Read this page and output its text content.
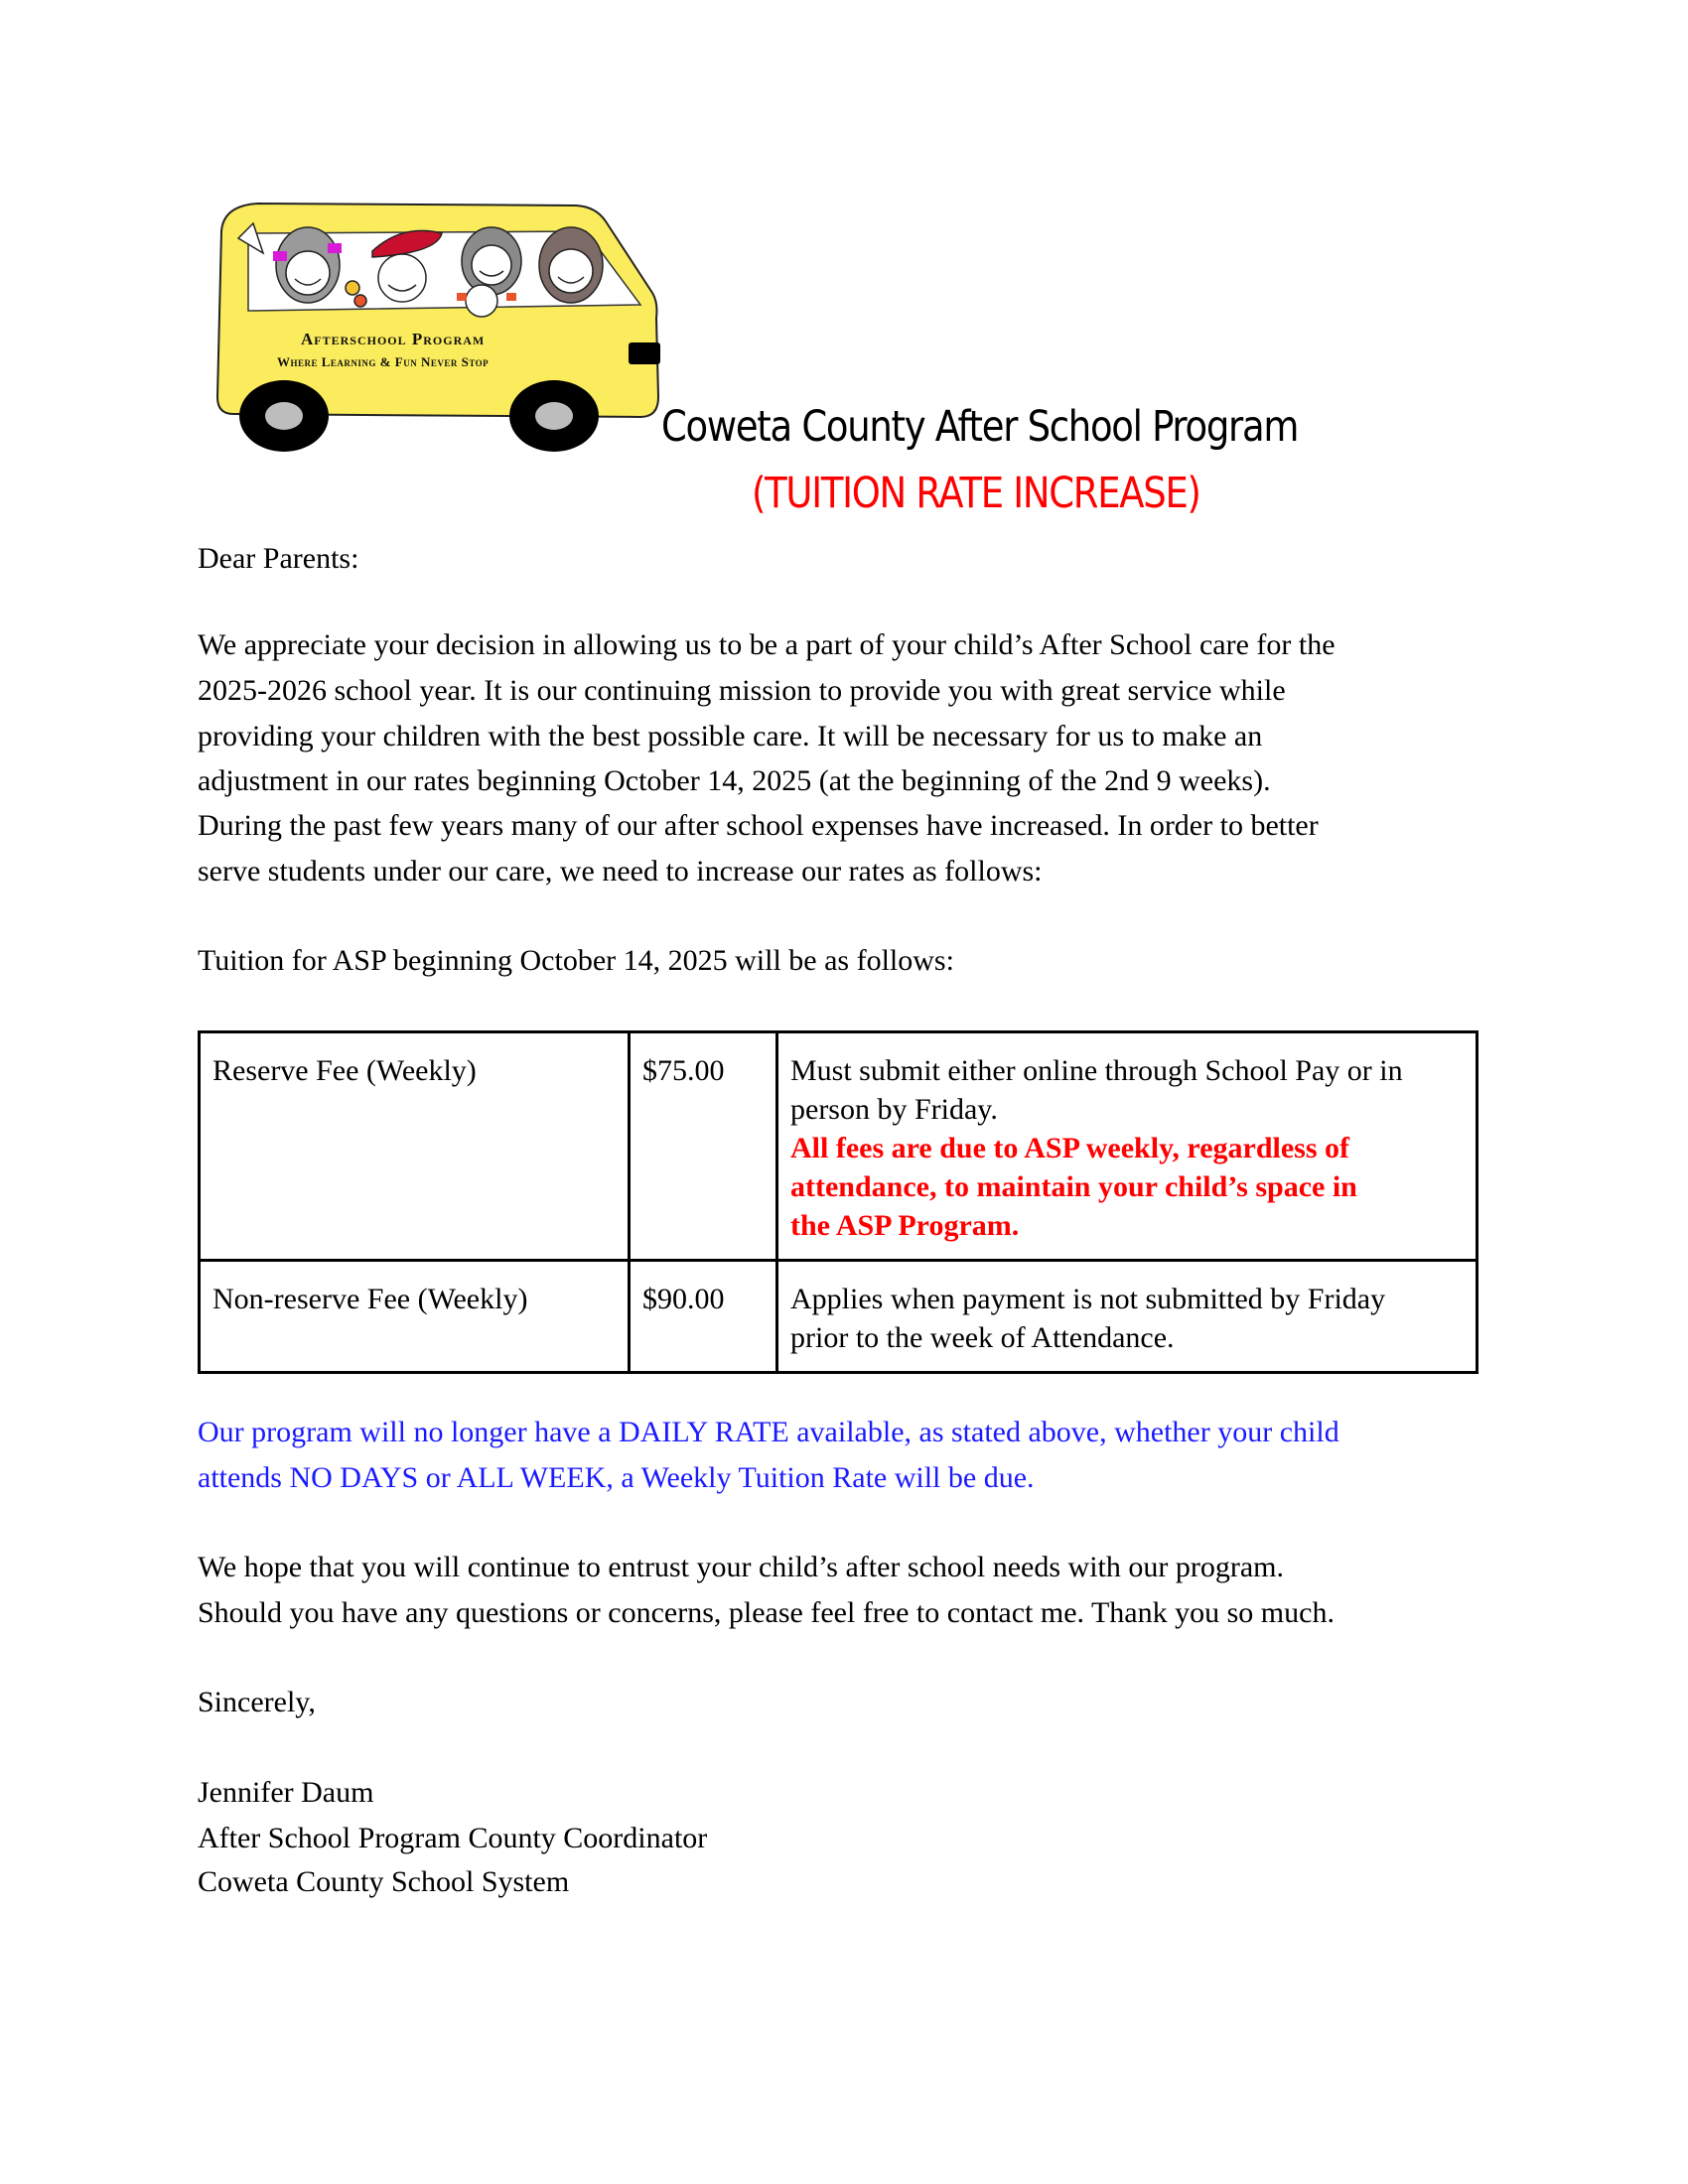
Afterschool Program
Where Learning & Fun Never Stop
Coweta County After School Program
(TUITION RATE INCREASE)
Dear Parents:
We appreciate your decision in allowing us to be a part of your child’s After School care for the
2025-2026 school year. It is our continuing mission to provide you with great service while
providing your children with the best possible care. It will be necessary for us to make an
adjustment in our rates beginning October 14, 2025 (at the beginning of the 2nd 9 weeks).
During the past few years many of our after school expenses have increased. In order to better
serve students under our care, we need to increase our rates as follows:
Tuition for ASP beginning October 14, 2025 will be as follows:
Reserve Fee (Weekly)	$75.00	Must submit either online through School Pay or in
person by Friday.
All fees are due to ASP weekly, regardless of
attendance, to maintain your child’s space in
the ASP Program.

Non-reserve Fee (Weekly)	$90.00	Applies when payment is not submitted by Friday
prior to the week of Attendance.
Our program will no longer have a DAILY RATE available, as stated above, whether your child
attends NO DAYS or ALL WEEK, a Weekly Tuition Rate will be due.
We hope that you will continue to entrust your child’s after school needs with our program.
Should you have any questions or concerns, please feel free to contact me. Thank you so much.
Sincerely,
Jennifer Daum
After School Program County Coordinator
Coweta County School System
